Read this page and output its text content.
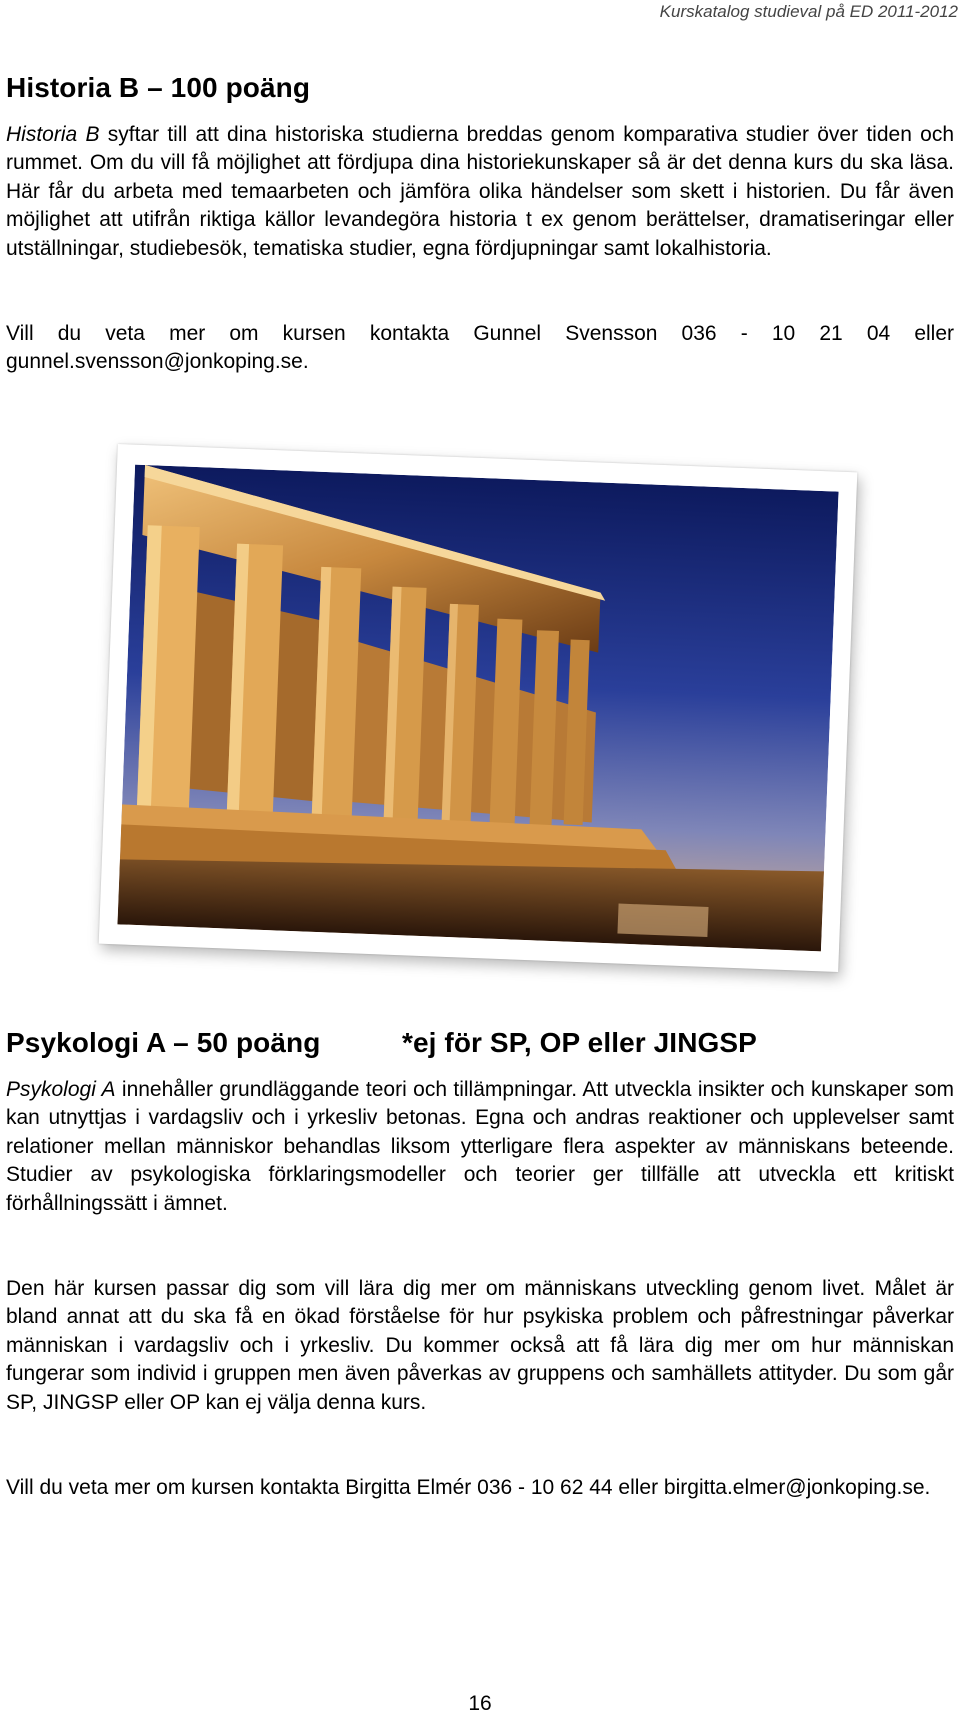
Kurskatalog studieval på ED 2011-2012
Historia B – 100 poäng

Historia B syftar till att dina historiska studierna breddas genom komparativa studier över tiden och rummet. Om du vill få möjlighet att fördjupa dina historiekunskaper så är det denna kurs du ska läsa. Här får du arbeta med temaarbeten och jämföra olika händelser som skett i historien. Du får även möjlighet att utifrån riktiga källor levandegöra historia t ex genom berättelser, dramatiseringar eller utställningar, studiebesök, tematiska studier, egna fördjupningar samt lokalhistoria.

Vill du veta mer om kursen kontakta Gunnel Svensson 036 - 10 21 04 eller gunnel.svensson@jonkoping.se.

Psykologi A – 50 poäng	*ej för SP, OP eller JINGSP

Psykologi A innehåller grundläggande teori och tillämpningar. Att utveckla insikter och kunskaper som kan utnyttjas i vardagsliv och i yrkesliv betonas. Egna och andras reaktioner och upplevelser samt relationer mellan människor behandlas liksom ytterligare flera aspekter av människans beteende. Studier av psykologiska förklaringsmodeller och teorier ger tillfälle att utveckla ett kritiskt förhållningssätt i ämnet.

Den här kursen passar dig som vill lära dig mer om människans utveckling genom livet. Målet är bland annat att du ska få en ökad förståelse för hur psykiska problem och påfrestningar påverkar människan i vardagsliv och i yrkesliv. Du kommer också att få lära dig mer om hur människan fungerar som individ i gruppen men även påverkas av gruppens och samhällets attityder. Du som går SP, JINGSP eller OP kan ej välja denna kurs.

Vill du veta mer om kursen kontakta Birgitta Elmér 036 - 10 62 44 eller birgitta.elmer@jonkoping.se.

16
